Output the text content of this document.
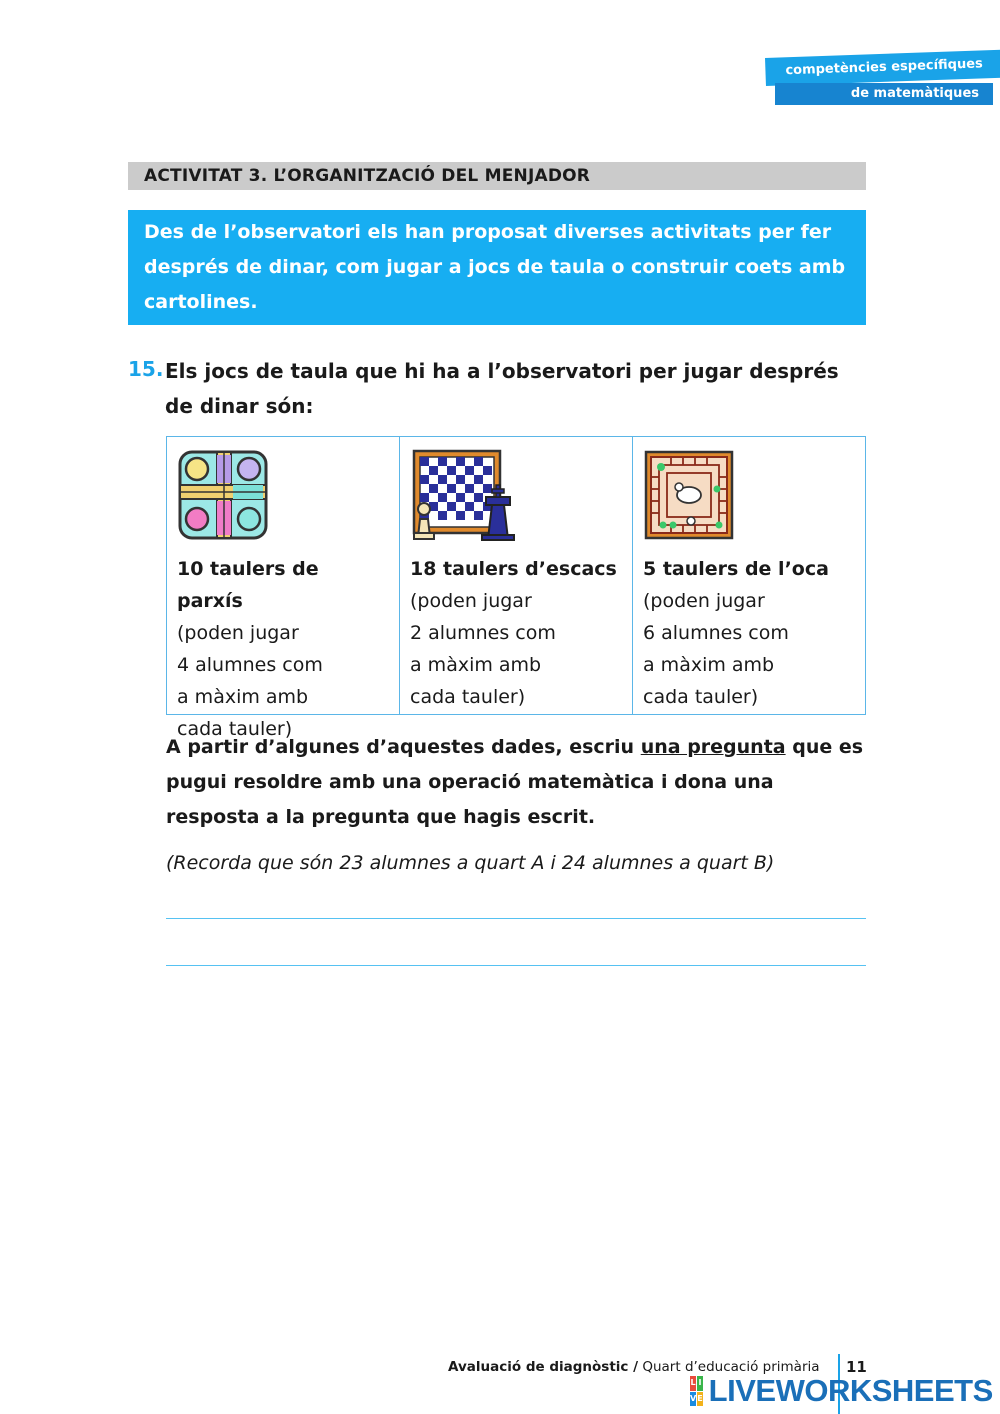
competències específiques
de matemàtiques
ACTIVITAT 3. L’ORGANITZACIÓ DEL MENJADOR
Des de l’observatori els han proposat diverses activitats per fer després de dinar, com jugar a jocs de taula o construir coets amb cartolines.
15. Els jocs de taula que hi ha a l’observatori per jugar després de dinar són:
10 taulers de parxís
(poden jugar
4 alumnes com
a màxim amb
cada tauler)
18 taulers d’escacs
(poden jugar
2 alumnes com
a màxim amb
cada tauler)
5 taulers de l’oca
(poden jugar
6 alumnes com
a màxim amb
cada tauler)
A partir d’algunes d’aquestes dades, escriu una pregunta que es pugui resoldre amb una operació matemàtica i dona una resposta a la pregunta que hagis escrit.
(Recorda que són 23 alumnes a quart A i 24 alumnes a quart B)
Avaluació de diagnòstic / Quart d’educació primària 11
L I
V E LIVEWORKSHEETS
